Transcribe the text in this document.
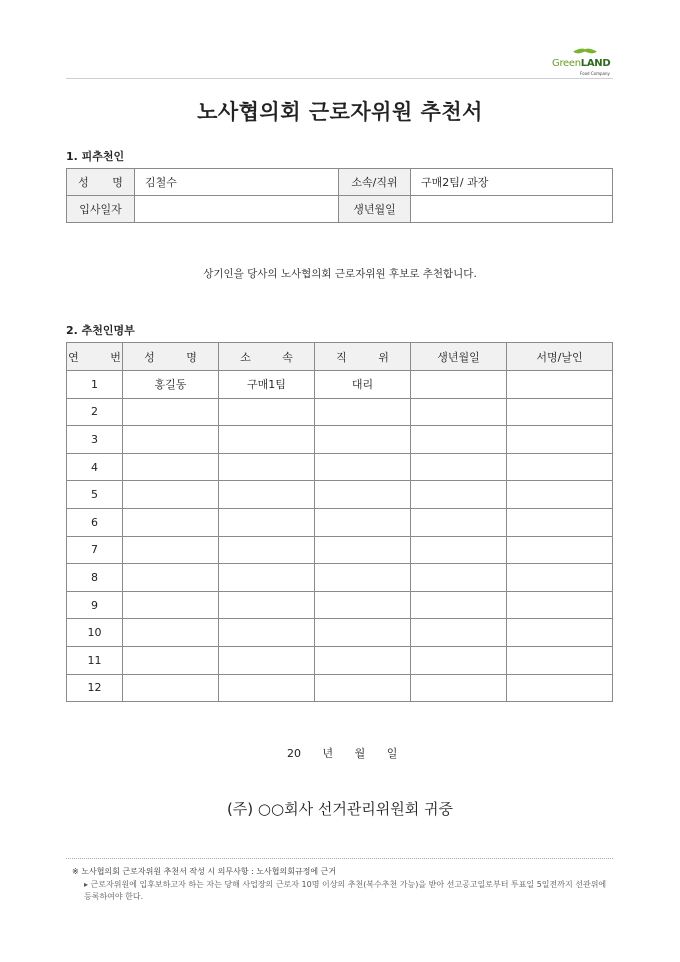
GreenLAND
Food Company
노사협의회 근로자위원 추천서
1. 피추천인
성 명	김철수	소속/직위	구매2팀/ 과장
입사일자		생년월일	
상기인을 당사의 노사협의회 근로자위원 후보로 추천합니다.
2. 추천인명부
연 번	성 명	소 속	직 위	생년월일	서명/날인
1	홍길동	구매1팀	대리		
2					
3					
4					
5					
6					
7					
8					
9					
10					
11					
12					
20 년 월 일
(주) ○○회사 선거관리위원회 귀중
※ 노사협의회 근로자위원 추천서 작성 시 의무사항 : 노사협의회규정에 근거
▸ 근로자위원에 입후보하고자 하는 자는 당해 사업장의 근로자 10명 이상의 추천(복수추천 가능)을 받아 선고공고일로부터 투표일 5일전까지 선관위에 등록하여야 한다.
